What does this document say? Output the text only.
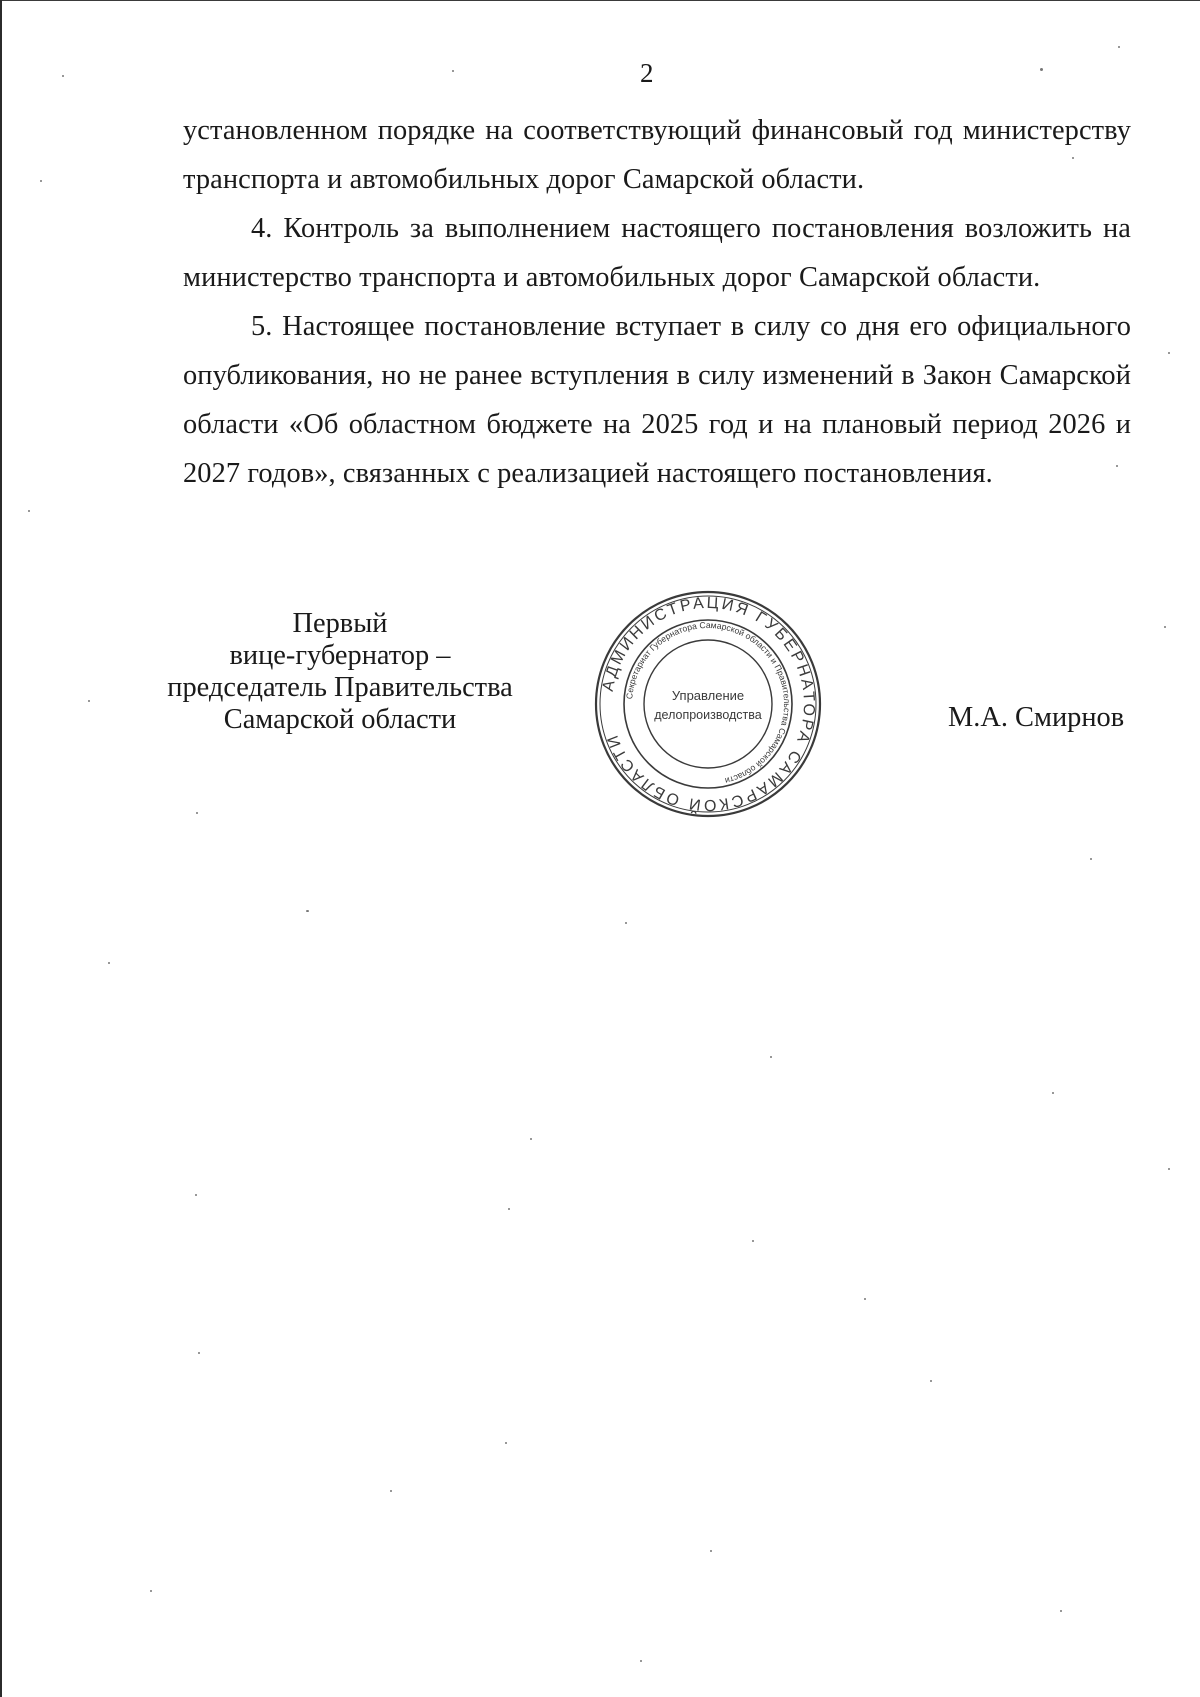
2

установленном порядке на соответствующий финансовый год министерству транспорта и автомобильных дорог Самарской области.

4. Контроль за выполнением настоящего постановления возложить на министерство транспорта и автомобильных дорог Самарской области.

5. Настоящее постановление вступает в силу со дня его официального опубликования, но не ранее вступления в силу изменений в Закон Самарской области «Об областном бюджете на 2025 год и на плановый период 2026 и 2027 годов», связанных с реализацией настоящего постановления.

Первый
вице-губернатор –
председатель Правительства
Самарской области	М.А. Смирнов
АДМИНИСТРАЦИЯ ГУБЕРНАТОРА САМАРСКОЙ ОБЛАСТИ
Секретариат Губернатора Самарской области и Правительства Самарской области
Управление
делопроизводства
